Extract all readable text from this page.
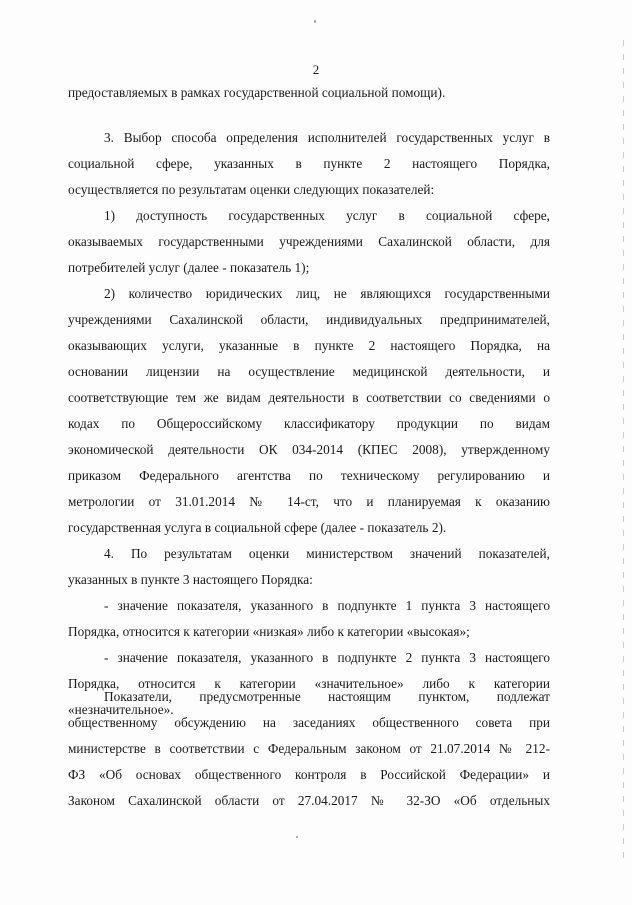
2
предоставляемых в рамках государственной социальной помощи).
3. Выбор способа определения исполнителей государственных услуг в
социальной сфере, указанных в пункте 2 настоящего Порядка,
осуществляется по результатам оценки следующих показателей:
1) доступность государственных услуг в социальной сфере,
оказываемых государственными учреждениями Сахалинской области, для
потребителей услуг (далее - показатель 1);
2) количество юридических лиц, не являющихся государственными
учреждениями Сахалинской области, индивидуальных предпринимателей,
оказывающих услуги, указанные в пункте 2 настоящего Порядка, на
основании лицензии на осуществление медицинской деятельности, и
соответствующие тем же видам деятельности в соответствии со сведениями о
кодах по Общероссийскому классификатору продукции по видам
экономической деятельности ОК 034-2014 (КПЕС 2008), утвержденному
приказом Федерального агентства по техническому регулированию и
метрологии от 31.01.2014 № 14-ст, что и планируемая к оказанию
государственная услуга в социальной сфере (далее - показатель 2).
4. По результатам оценки министерством значений показателей,
указанных в пункте 3 настоящего Порядка:
- значение показателя, указанного в подпункте 1 пункта 3 настоящего
Порядка, относится к категории «низкая» либо к категории «высокая»;
- значение показателя, указанного в подпункте 2 пункта 3 настоящего
Порядка, относится к категории «значительное» либо к категории
«незначительное».
Показатели, предусмотренные настоящим пунктом, подлежат
общественному обсуждению на заседаниях общественного совета при
министерстве в соответствии с Федеральным законом от 21.07.2014 № 212-
ФЗ «Об основах общественного контроля в Российской Федерации» и
Законом Сахалинской области от 27.04.2017 № 32-ЗО «Об отдельных
